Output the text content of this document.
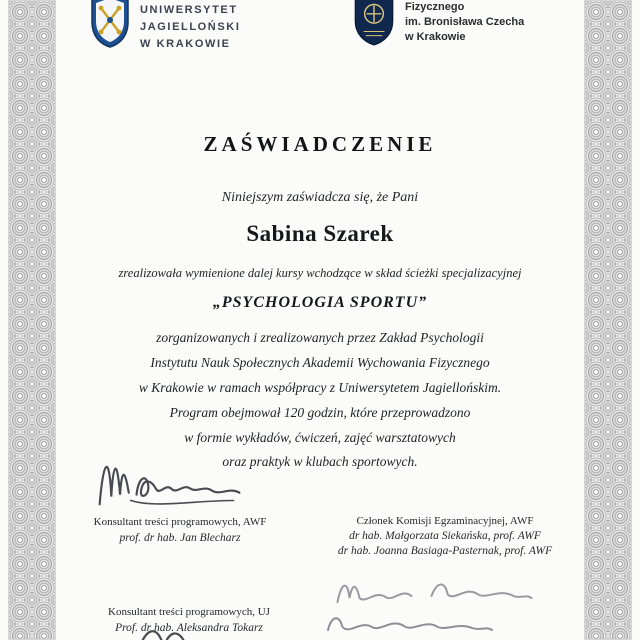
UNIWERSYTET
JAGIELLOŃSKI
W KRAKOWIE
Fizycznego
im. Bronisława Czecha
w Krakowie
ZAŚWIADCZENIE
Niniejszym zaświadcza się, że Pani
Sabina Szarek
zrealizowała wymienione dalej kursy wchodzące w skład ścieżki specjalizacyjnej
„PSYCHOLOGIA SPORTU”
zorganizowanych i zrealizowanych przez Zakład Psychologii
Instytutu Nauk Społecznych Akademii Wychowania Fizycznego
w Krakowie w ramach współpracy z Uniwersytetem Jagiellońskim.
Program obejmował 120 godzin, które przeprowadzono
w formie wykładów, ćwiczeń, zajęć warsztatowych
oraz praktyk w klubach sportowych.
Konsultant treści programowych, AWF
prof. dr hab. Jan Blecharz
Członek Komisji Egzaminacyjnej, AWF
dr hab. Małgorzata Siekańska, prof. AWF
dr hab. Joanna Basiaga-Pasternak, prof. AWF
Konsultant treści programowych, UJ
Prof. dr hab. Aleksandra Tokarz
